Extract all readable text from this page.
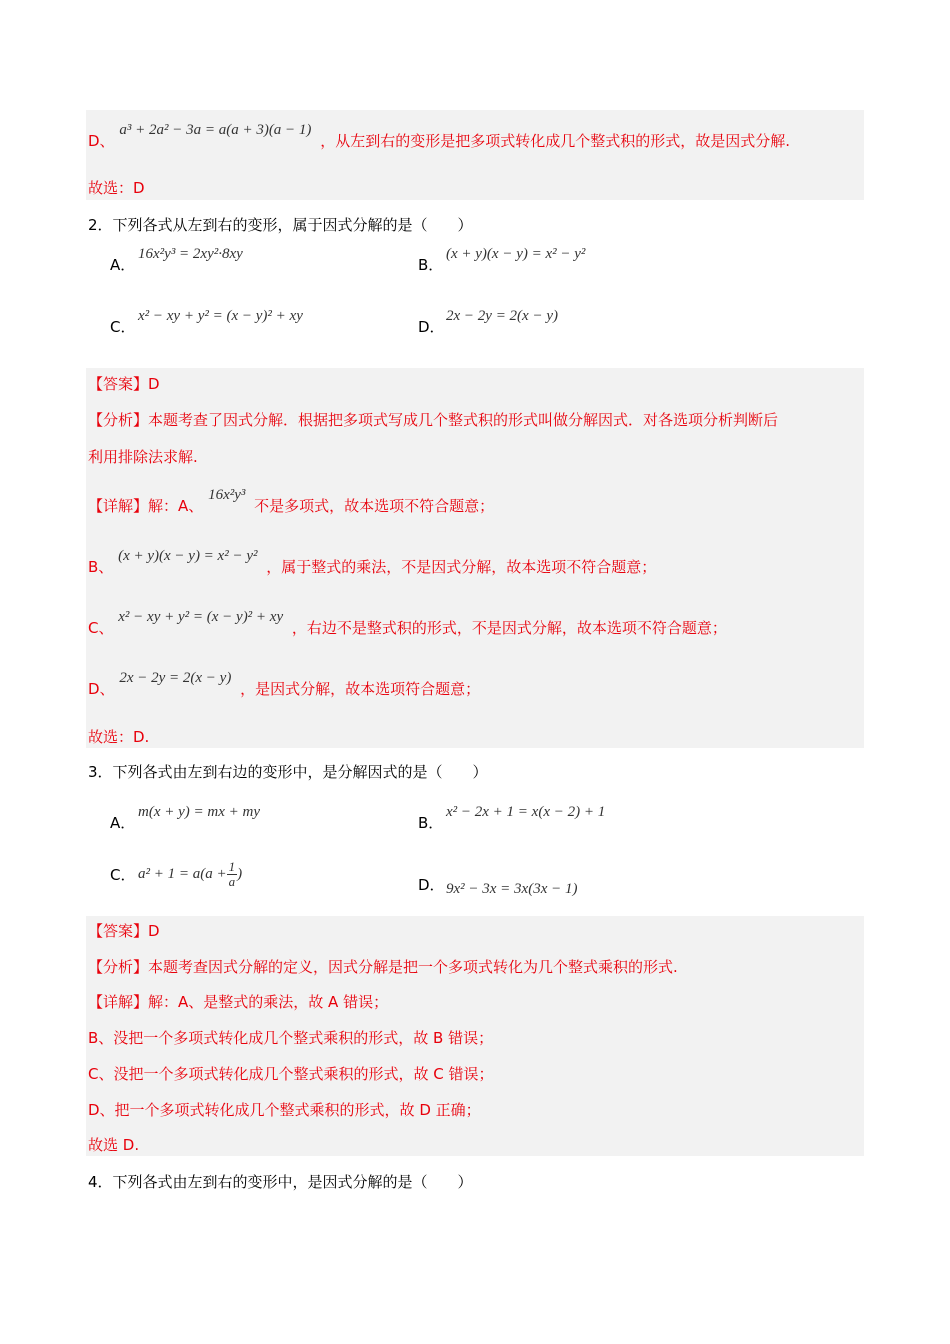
D、 a³ + 2a² − 3a = a(a + 3)(a − 1) ，从左到右的变形是把多项式转化成几个整式积的形式，故是因式分解.
故选：D
2．下列各式从左到右的变形，属于因式分解的是（　　）
A．16x²y³ = 2xy²·8xy
B．(x + y)(x − y) = x² − y²
C．x² − xy + y² = (x − y)² + xy
D．2x − 2y = 2(x − y)
【答案】D
【分析】本题考查了因式分解．根据把多项式写成几个整式积的形式叫做分解因式．对各选项分析判断后
利用排除法求解.
【详解】解：A、 16x²y³ 不是多项式，故本选项不符合题意；
B、 (x + y)(x − y) = x² − y² ，属于整式的乘法，不是因式分解，故本选项不符合题意；
C、 x² − xy + y² = (x − y)² + xy ，右边不是整式积的形式，不是因式分解，故本选项不符合题意；
D、 2x − 2y = 2(x − y) ，是因式分解，故本选项符合题意；
故选：D.
3．下列各式由左到右边的变形中，是分解因式的是（　　）
A．m(x + y) = mx + my
B．x² − 2x + 1 = x(x − 2) + 1
C． $a^2 + 1 = a(a + \frac{1}{a}$ )
D．9x² − 3x = 3x(3x − 1)
【答案】D
【分析】本题考查因式分解的定义，因式分解是把一个多项式转化为几个整式乘积的形式.
【详解】解：A、是整式的乘法，故 A 错误；
B、没把一个多项式转化成几个整式乘积的形式，故 B 错误；
C、没把一个多项式转化成几个整式乘积的形式，故 C 错误；
D、把一个多项式转化成几个整式乘积的形式，故 D 正确；
故选 D.
4．下列各式由左到右的变形中，是因式分解的是（　　）
